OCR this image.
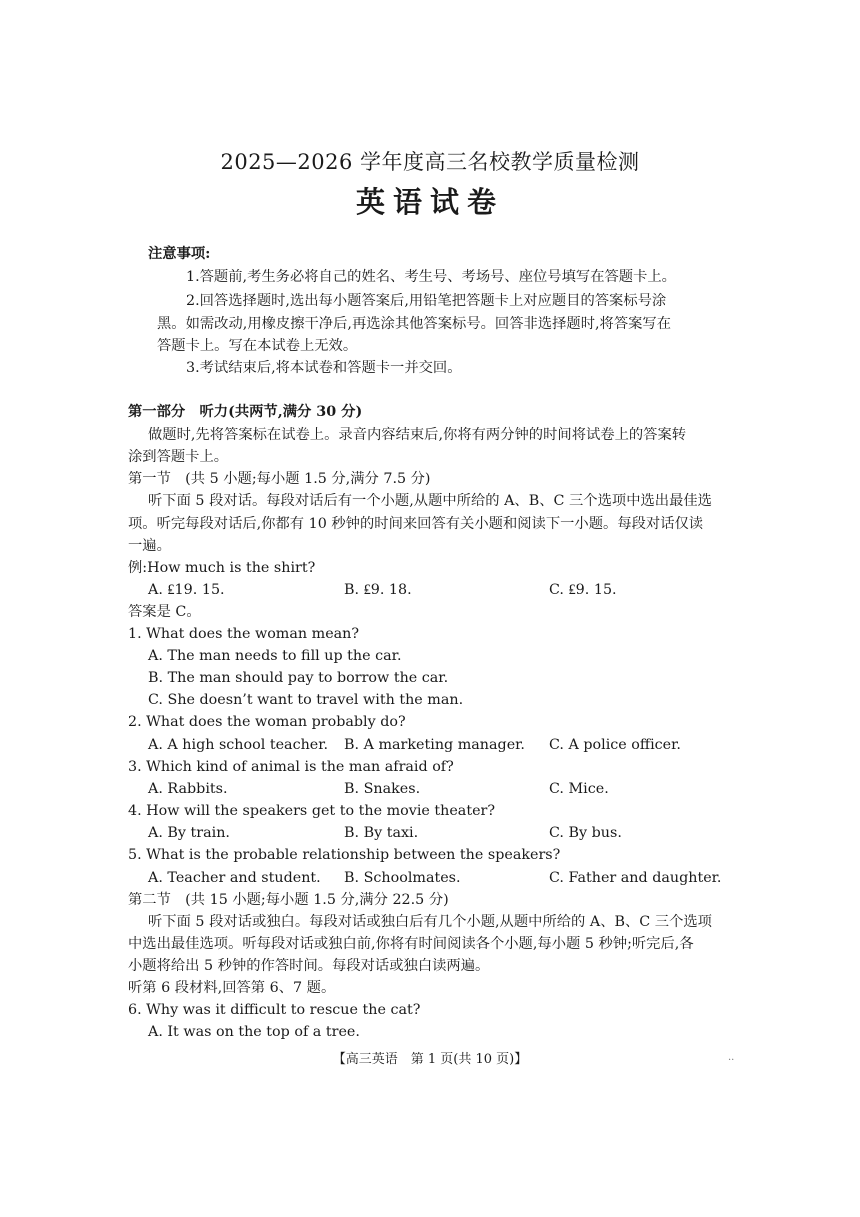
2025—2026 学年度高三名校教学质量检测
英语试卷
注意事项:
1.答题前,考生务必将自己的姓名、考生号、考场号、座位号填写在答题卡上。
2.回答选择题时,选出每小题答案后,用铅笔把答题卡上对应题目的答案标号涂
黑。如需改动,用橡皮擦干净后,再选涂其他答案标号。回答非选择题时,将答案写在
答题卡上。写在本试卷上无效。
3.考试结束后,将本试卷和答题卡一并交回。
第一部分　听力(共两节,满分 30 分)
做题时,先将答案标在试卷上。录音内容结束后,你将有两分钟的时间将试卷上的答案转
涂到答题卡上。
第一节　(共 5 小题;每小题 1.5 分,满分 7.5 分)
听下面 5 段对话。每段对话后有一个小题,从题中所给的 A、B、C 三个选项中选出最佳选
项。听完每段对话后,你都有 10 秒钟的时间来回答有关小题和阅读下一小题。每段对话仅读
一遍。
例:How much is the shirt?
A. ₤19. 15.	B. ₤9. 18.	C. ₤9. 15.
答案是 C。
1. What does the woman mean?
A. The man needs to fill up the car.
B. The man should pay to borrow the car.
C. She doesn’t want to travel with the man.
2. What does the woman probably do?
A. A high school teacher. B. A marketing manager. C. A police officer.
3. Which kind of animal is the man afraid of?
A. Rabbits.	B. Snakes.	C. Mice.
4. How will the speakers get to the movie theater?
A. By train.	B. By taxi.	C. By bus.
5. What is the probable relationship between the speakers?
A. Teacher and student. B. Schoolmates.	C. Father and daughter.
第二节　(共 15 小题;每小题 1.5 分,满分 22.5 分)
听下面 5 段对话或独白。每段对话或独白后有几个小题,从题中所给的 A、B、C 三个选项
中选出最佳选项。听每段对话或独白前,你将有时间阅读各个小题,每小题 5 秒钟;听完后,各
小题将给出 5 秒钟的作答时间。每段对话或独白读两遍。
听第 6 段材料,回答第 6、7 题。
6. Why was it difficult to rescue the cat?
A. It was on the top of a tree.
【高三英语　第 1 页(共 10 页)】	..
